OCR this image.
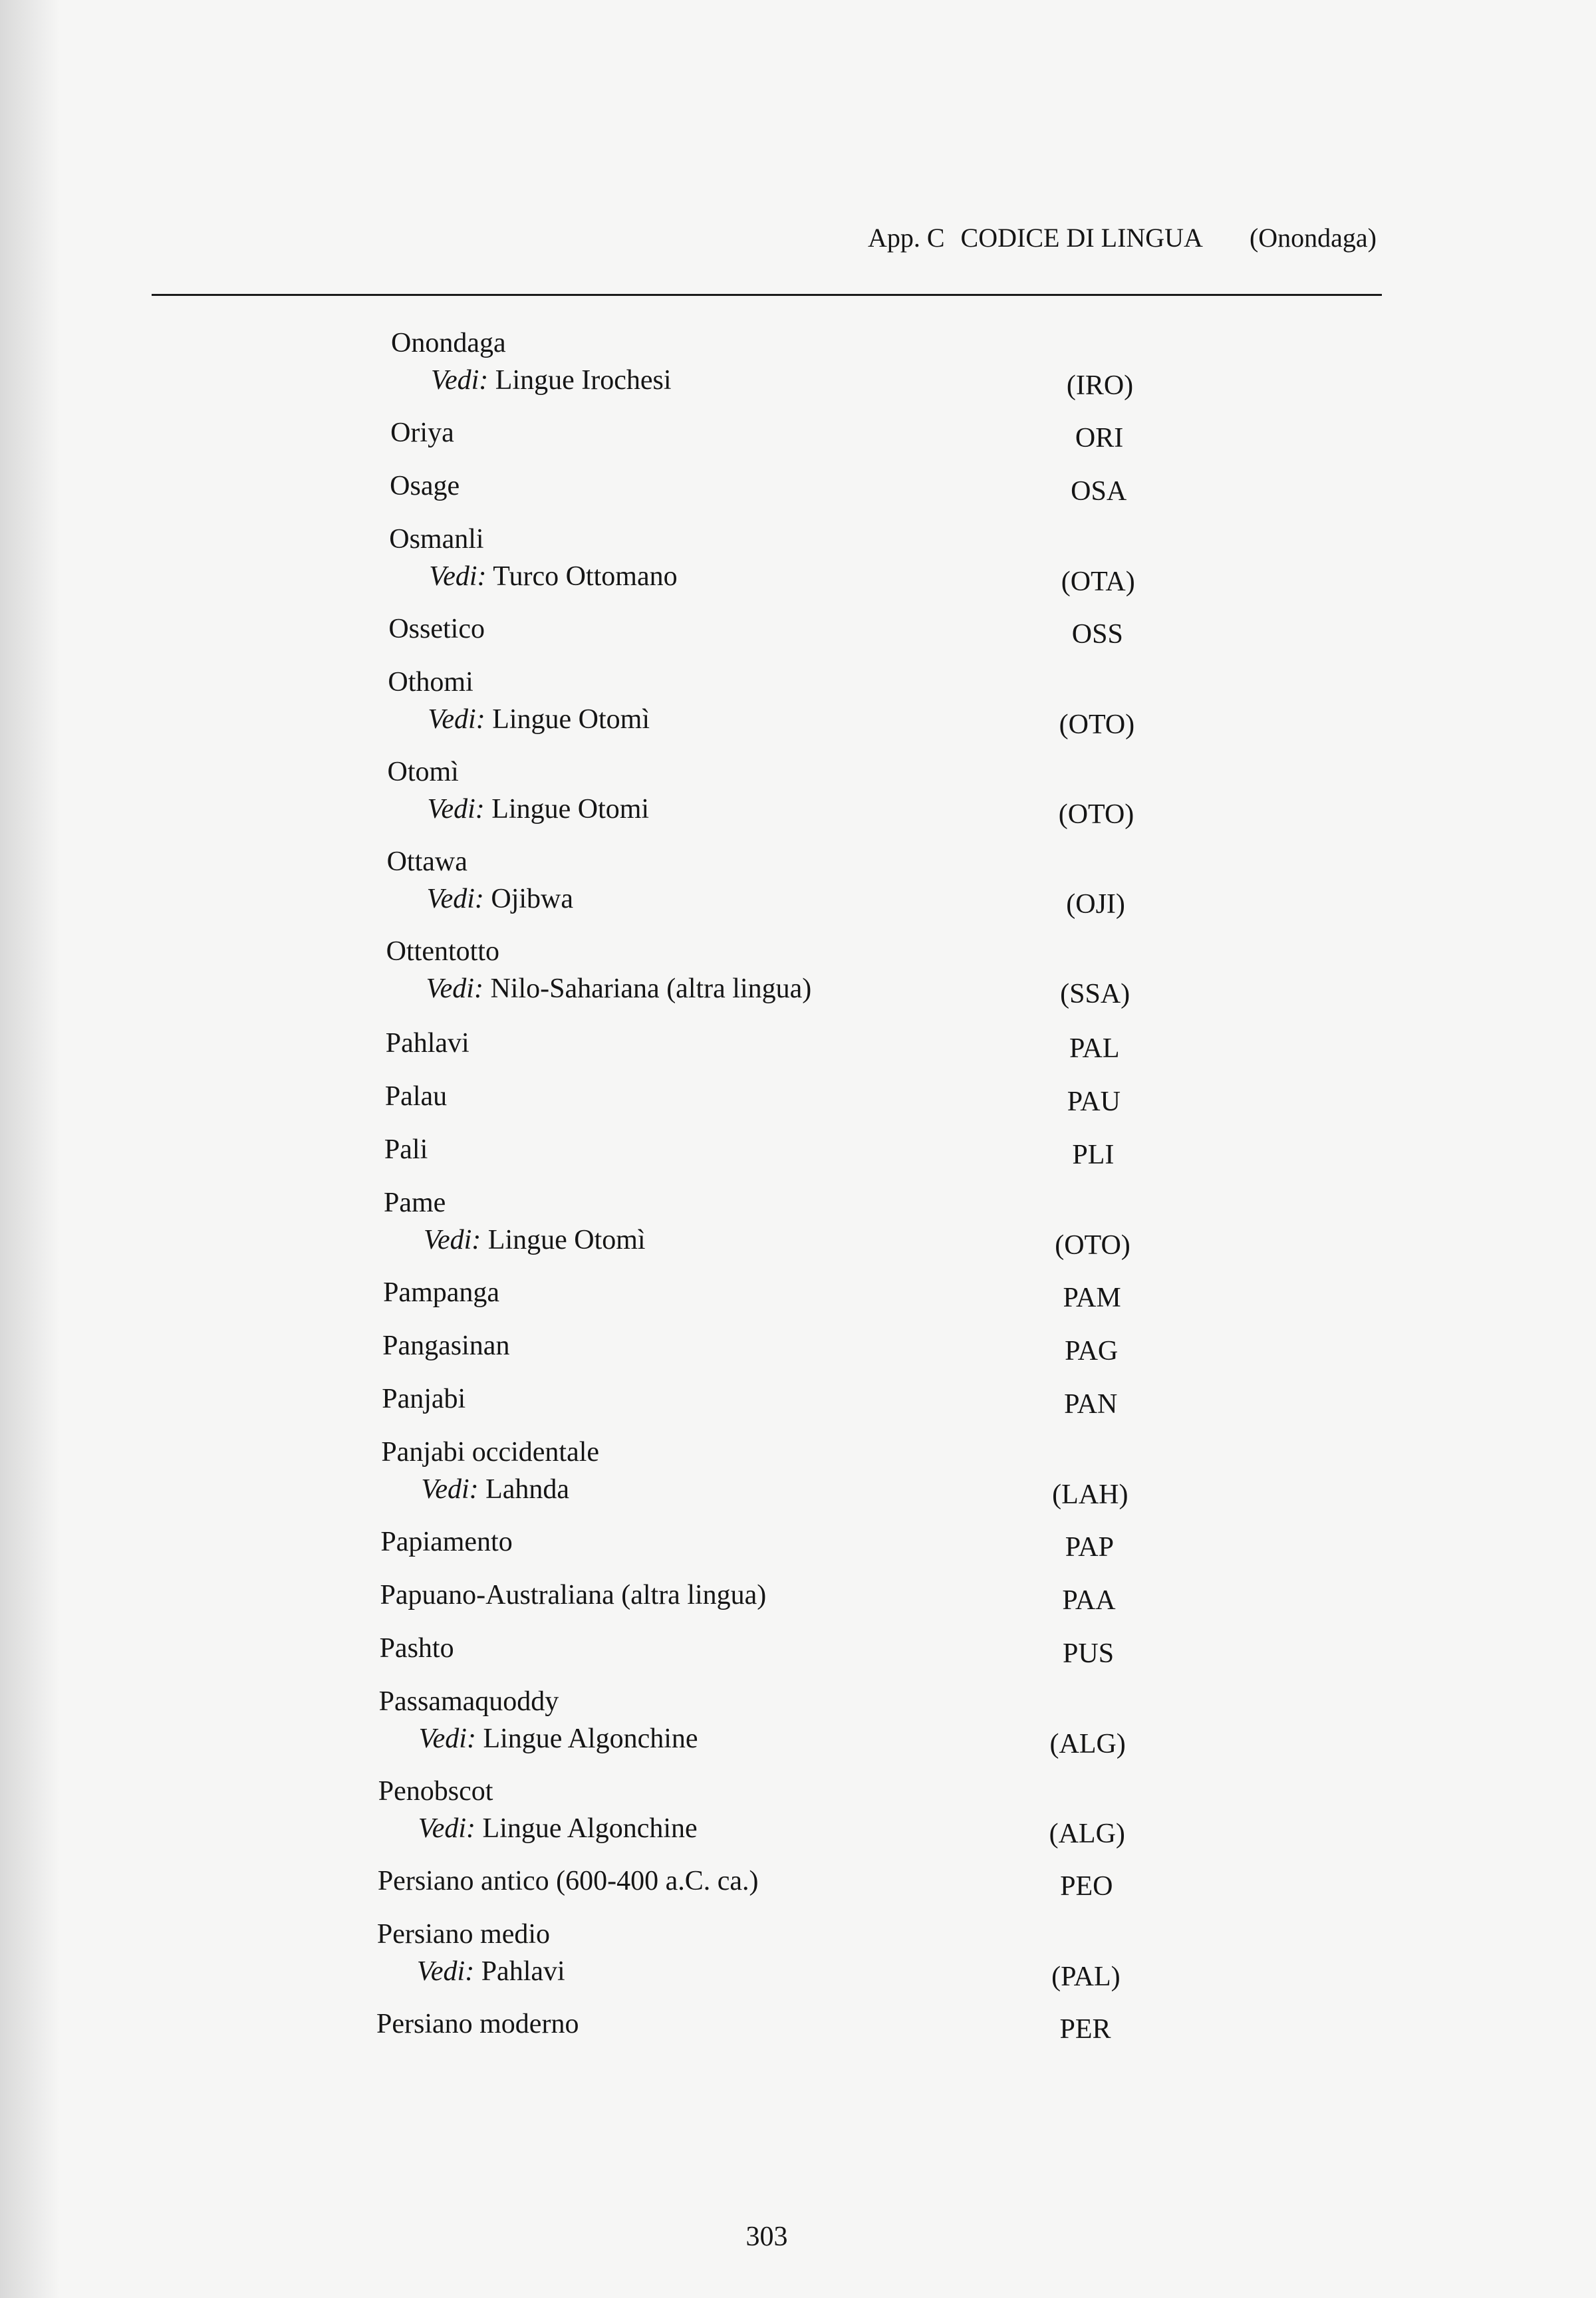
App. C CODICE DI LINGUA (Onondaga)
Onondaga
Vedi: Lingue Irochesi	(IRO)
Oriya	ORI
Osage	OSA
Osmanli
Vedi: Turco Ottomano	(OTA)
Ossetico	OSS
Othomi
Vedi: Lingue Otomì	(OTO)
Otomì
Vedi: Lingue Otomi	(OTO)
Ottawa
Vedi: Ojibwa	(OJI)
Ottentotto
Vedi: Nilo-Sahariana (altra lingua)	(SSA)
Pahlavi	PAL
Palau	PAU
Pali	PLI
Pame
Vedi: Lingue Otomì	(OTO)
Pampanga	PAM
Pangasinan	PAG
Panjabi	PAN
Panjabi occidentale
Vedi: Lahnda	(LAH)
Papiamento	PAP
Papuano-Australiana (altra lingua)	PAA
Pashto	PUS
Passamaquoddy
Vedi: Lingue Algonchine	(ALG)
Penobscot
Vedi: Lingue Algonchine	(ALG)
Persiano antico (600-400 a.C. ca.)	PEO
Persiano medio
Vedi: Pahlavi	(PAL)
Persiano moderno	PER
303
